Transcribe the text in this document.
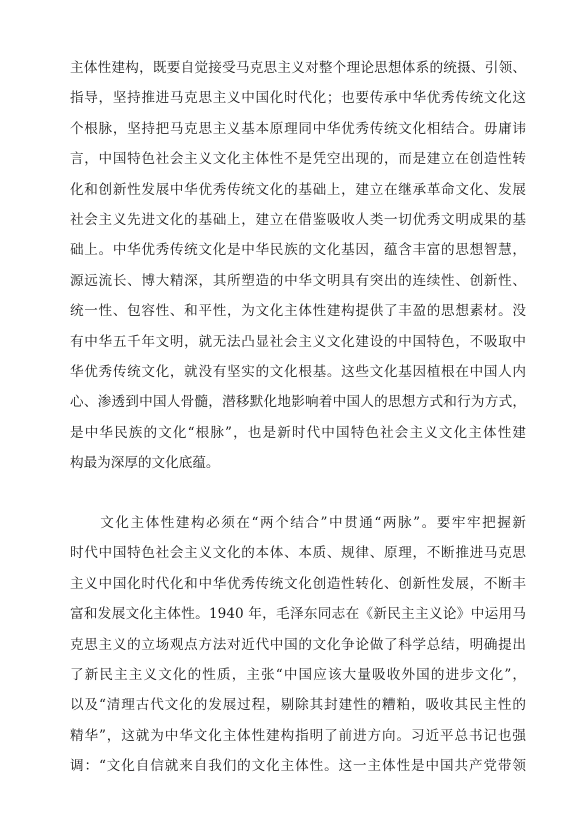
主体性建构，既要自觉接受马克思主义对整个理论思想体系的统摄、引领、
指导，坚持推进马克思主义中国化时代化；也要传承中华优秀传统文化这
个根脉，坚持把马克思主义基本原理同中华优秀传统文化相结合。毋庸讳
言，中国特色社会主义文化主体性不是凭空出现的，而是建立在创造性转
化和创新性发展中华优秀传统文化的基础上，建立在继承革命文化、发展
社会主义先进文化的基础上，建立在借鉴吸收人类一切优秀文明成果的基
础上。中华优秀传统文化是中华民族的文化基因，蕴含丰富的思想智慧，
源远流长、博大精深，其所塑造的中华文明具有突出的连续性、创新性、
统一性、包容性、和平性，为文化主体性建构提供了丰盈的思想素材。没
有中华五千年文明，就无法凸显社会主义文化建设的中国特色，不吸取中
华优秀传统文化，就没有坚实的文化根基。这些文化基因植根在中国人内
心、渗透到中国人骨髓，潜移默化地影响着中国人的思想方式和行为方式，
是中华民族的文化“根脉”，也是新时代中国特色社会主义文化主体性建
构最为深厚的文化底蕴。
　　文化主体性建构必须在“两个结合”中贯通“两脉”。要牢牢把握新
时代中国特色社会主义文化的本体、本质、规律、原理，不断推进马克思
主义中国化时代化和中华优秀传统文化创造性转化、创新性发展，不断丰
富和发展文化主体性。1940 年，毛泽东同志在《新民主主义论》中运用马
克思主义的立场观点方法对近代中国的文化争论做了科学总结，明确提出
了新民主主义文化的性质，主张“中国应该大量吸收外国的进步文化”，
以及“清理古代文化的发展过程，剔除其封建性的糟粕，吸收其民主性的
精华”，这就为中华文化主体性建构指明了前进方向。习近平总书记也强
调：“文化自信就来自我们的文化主体性。这一主体性是中国共产党带领
